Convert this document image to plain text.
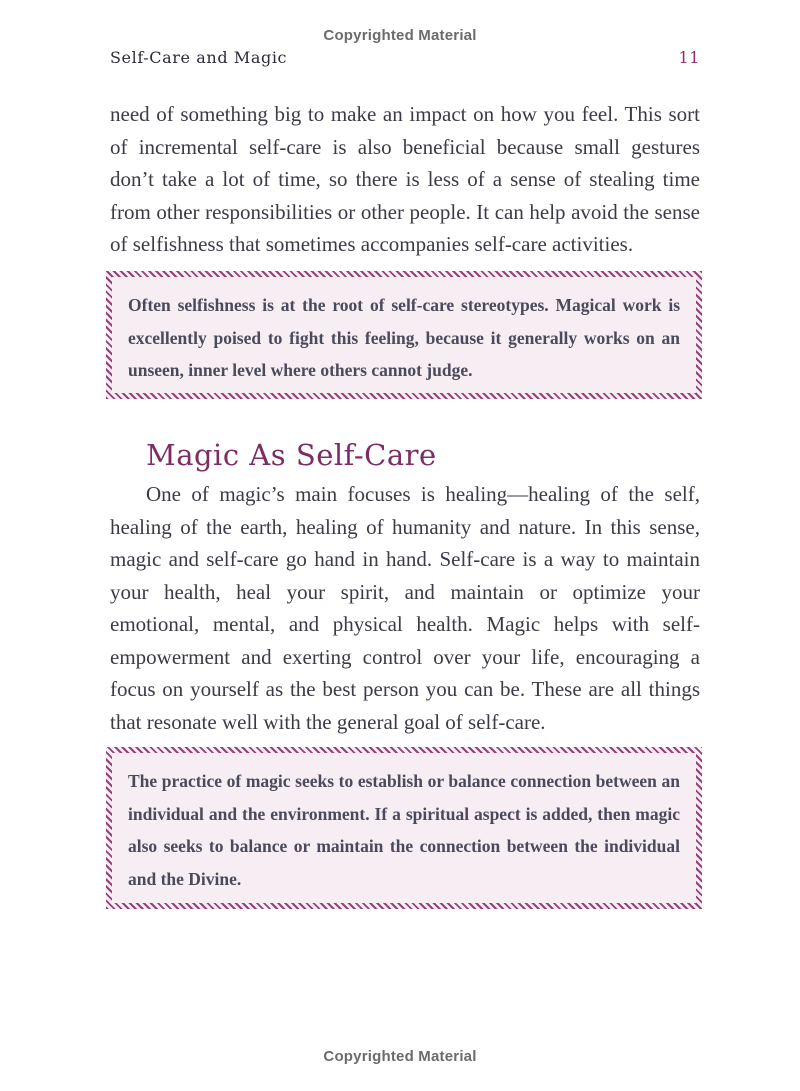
Copyrighted Material
Self-Care and Magic	11

need of something big to make an impact on how you feel. This sort of incremental self-care is also beneficial because small gestures don’t take a lot of time, so there is less of a sense of stealing time from other responsibilities or other people. It can help avoid the sense of selfishness that sometimes accompanies self-care activities.

Often selfishness is at the root of self-care stereotypes. Magical work is excellently poised to fight this feeling, because it generally works on an unseen, inner level where others cannot judge.
Magic As Self-Care

One of magic’s main focuses is healing—healing of the self, healing of the earth, healing of humanity and nature. In this sense, magic and self-care go hand in hand. Self-care is a way to maintain your health, heal your spirit, and maintain or optimize your emotional, mental, and physical health. Magic helps with self-empowerment and exerting control over your life, encouraging a focus on yourself as the best person you can be. These are all things that resonate well with the general goal of self-care.

The practice of magic seeks to establish or balance connection between an individual and the environment. If a spiritual aspect is added, then magic also seeks to balance or maintain the connection between the individual and the Divine.
Copyrighted Material
